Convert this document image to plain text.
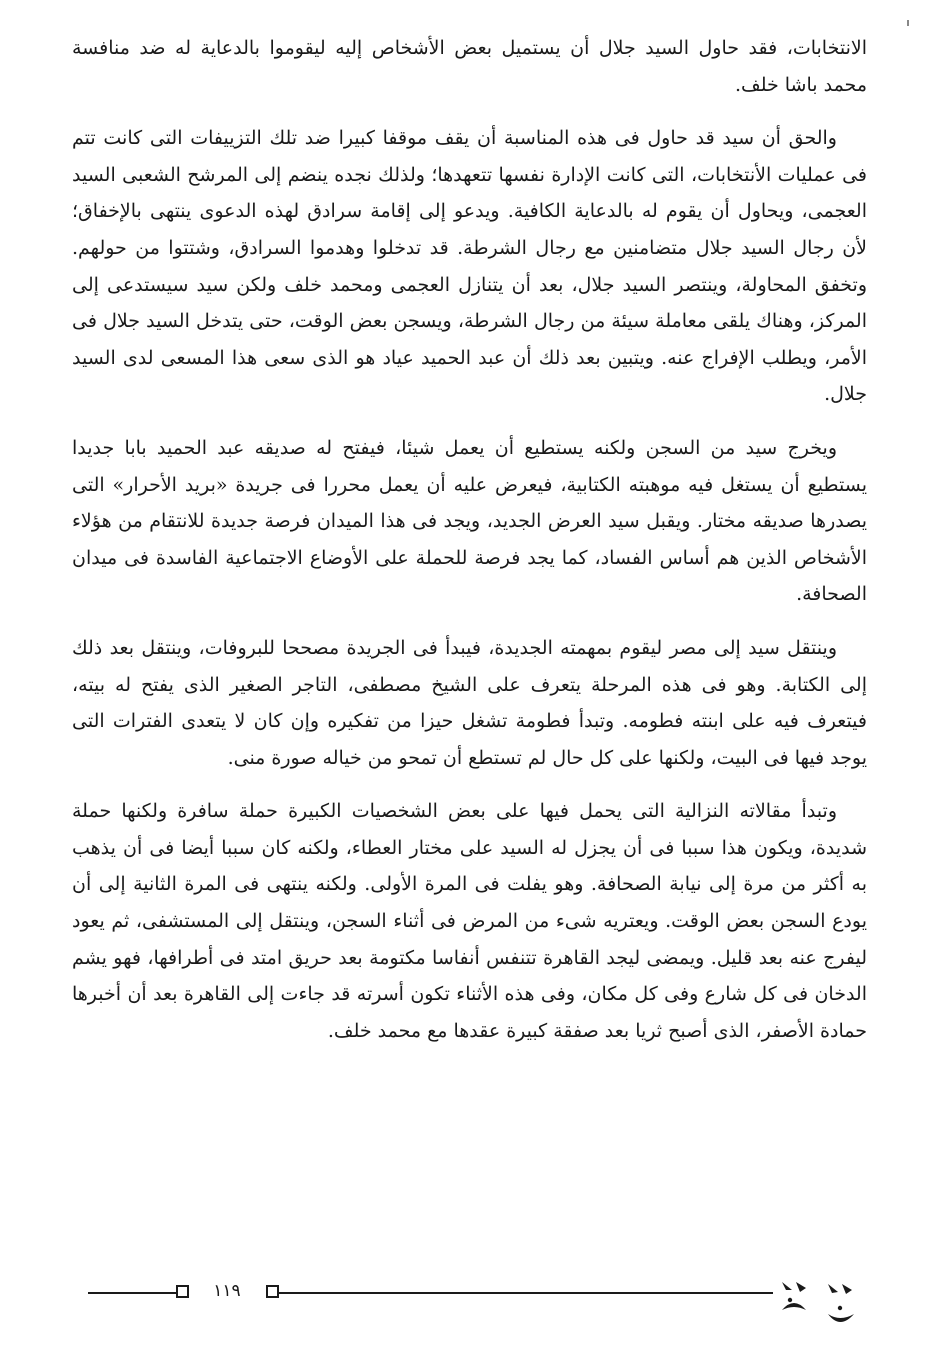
الانتخابات، فقد حاول السيد جلال أن يستميل بعض الأشخاص إليه ليقوموا بالدعاية له ضد منافسة محمد باشا خلف.

والحق أن سيد قد حاول فى هذه المناسبة أن يقف موقفا كبيرا ضد تلك التزييفات التى كانت تتم فى عمليات الأنتخابات، التى كانت الإدارة نفسها تتعهدها؛ ولذلك نجده ينضم إلى المرشح الشعبى السيد العجمى، ويحاول أن يقوم له بالدعاية الكافية. ويدعو إلى إقامة سرادق لهذه الدعوى ينتهى بالإخفاق؛ لأن رجال السيد جلال متضامنين مع رجال الشرطة. قد تدخلوا وهدموا السرادق، وشتتوا من حولهم. وتخفق المحاولة، وينتصر السيد جلال، بعد أن يتنازل العجمى ومحمد خلف ولكن سيد سيستدعى إلى المركز، وهناك يلقى معاملة سيئة من رجال الشرطة، ويسجن بعض الوقت، حتى يتدخل السيد جلال فى الأمر، ويطلب الإفراج عنه. ويتبين بعد ذلك أن عبد الحميد عياد هو الذى سعى هذا المسعى لدى السيد جلال.

ويخرج سيد من السجن ولكنه يستطيع أن يعمل شيئا، فيفتح له صديقه عبد الحميد بابا جديدا يستطيع أن يستغل فيه موهبته الكتابية، فيعرض عليه أن يعمل محررا فى جريدة «بريد الأحرار» التى يصدرها صديقه مختار. ويقبل سيد العرض الجديد، ويجد فى هذا الميدان فرصة جديدة للانتقام من هؤلاء الأشخاص الذين هم أساس الفساد، كما يجد فرصة للحملة على الأوضاع الاجتماعية الفاسدة فى ميدان الصحافة.

وينتقل سيد إلى مصر ليقوم بمهمته الجديدة، فيبدأ فى الجريدة مصححا للبروفات، وينتقل بعد ذلك إلى الكتابة. وهو فى هذه المرحلة يتعرف على الشيخ مصطفى، التاجر الصغير الذى يفتح له بيته، فيتعرف فيه على ابنته فطومه. وتبدأ فطومة تشغل حيزا من تفكيره وإن كان لا يتعدى الفترات التى يوجد فيها فى البيت، ولكنها على كل حال لم تستطع أن تمحو من خياله صورة منى.

وتبدأ مقالاته النزالية التى يحمل فيها على بعض الشخصيات الكبيرة حملة سافرة ولكنها حملة شديدة، ويكون هذا سببا فى أن يجزل له السيد على مختار العطاء، ولكنه كان سببا أيضا فى أن يذهب به أكثر من مرة إلى نيابة الصحافة. وهو يفلت فى المرة الأولى. ولكنه ينتهى فى المرة الثانية إلى أن يودع السجن بعض الوقت. ويعتريه شىء من المرض فى أثناء السجن، وينتقل إلى المستشفى، ثم يعود ليفرج عنه بعد قليل. ويمضى ليجد القاهرة تتنفس أنفاسا مكتومة بعد حريق امتد فى أطرافها، فهو يشم الدخان فى كل شارع وفى كل مكان، وفى هذه الأثناء تكون أسرته قد جاءت إلى القاهرة بعد أن أخبرها حمادة الأصفر، الذى أصبح ثريا بعد صفقة كبيرة عقدها مع محمد خلف.

١١٩
